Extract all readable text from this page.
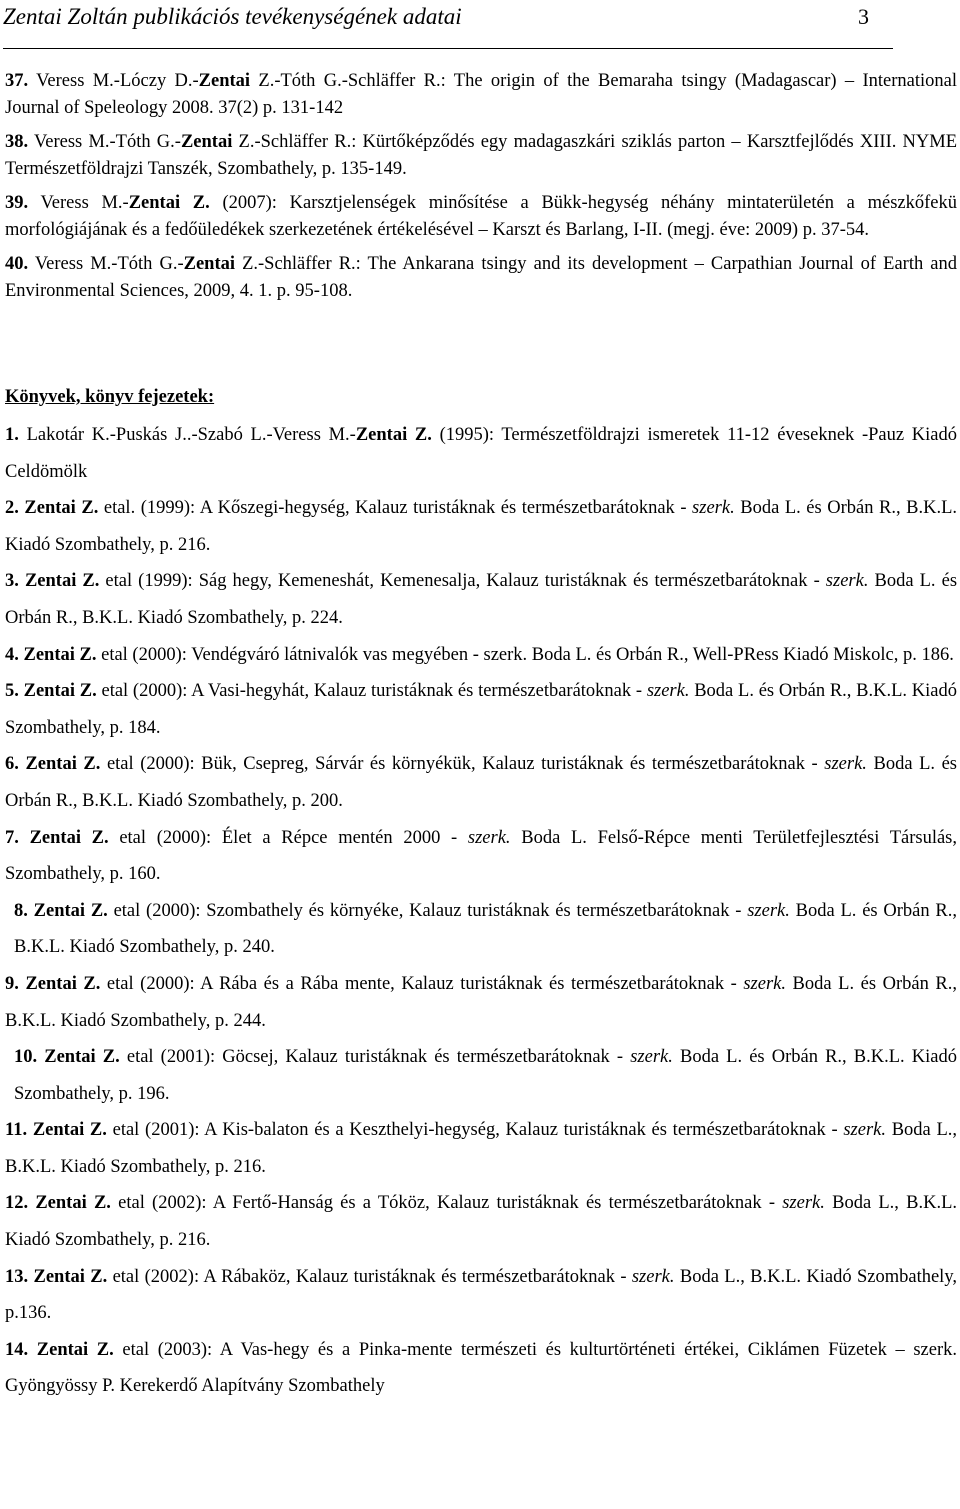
Zentai Zoltán publikációs tevékenységének adatai	3

37. Veress M.-Lóczy D.-Zentai Z.-Tóth G.-Schläffer R.: The origin of the Bemaraha tsingy (Madagascar) – International Journal of Speleology 2008. 37(2) p. 131-142

38. Veress M.-Tóth G.-Zentai Z.-Schläffer R.: Kürtőképződés egy madagaszkári sziklás parton – Karsztfejlődés XIII. NYME Természetföldrajzi Tanszék, Szombathely, p. 135-149.

39. Veress M.-Zentai Z. (2007): Karsztjelenségek minősítése a Bükk-hegység néhány mintaterületén a mészkőfekü morfológiájának és a fedőüledékek szerkezetének értékelésével – Karszt és Barlang, I-II. (megj. éve: 2009) p. 37-54.

40. Veress M.-Tóth G.-Zentai Z.-Schläffer R.: The Ankarana tsingy and its development – Carpathian Journal of Earth and Environmental Sciences, 2009, 4. 1. p. 95-108.

Könyvek, könyv fejezetek:

1. Lakotár K.-Puskás J..-Szabó L.-Veress M.-Zentai Z. (1995): Természetföldrajzi ismeretek 11-12 éveseknek -Pauz Kiadó Celdömölk

2. Zentai Z. etal. (1999): A Kőszegi-hegység, Kalauz turistáknak és természetbarátoknak - szerk. Boda L. és Orbán R., B.K.L. Kiadó Szombathely, p. 216.

3. Zentai Z. etal (1999): Ság hegy, Kemeneshát, Kemenesalja, Kalauz turistáknak és természetbarátoknak - szerk. Boda L. és Orbán R., B.K.L. Kiadó Szombathely, p. 224.

4. Zentai Z. etal (2000): Vendégváró látnivalók vas megyében - szerk. Boda L. és Orbán R., Well-PRess Kiadó Miskolc, p. 186.

5. Zentai Z. etal (2000): A Vasi-hegyhát, Kalauz turistáknak és természetbarátoknak - szerk. Boda L. és Orbán R., B.K.L. Kiadó Szombathely, p. 184.

6. Zentai Z. etal (2000): Bük, Csepreg, Sárvár és környékük, Kalauz turistáknak és természetbarátoknak - szerk. Boda L. és Orbán R., B.K.L. Kiadó Szombathely, p. 200.

7. Zentai Z. etal (2000): Élet a Répce mentén 2000 - szerk. Boda L. Felső-Répce menti Területfejlesztési Társulás, Szombathely, p. 160.

8. Zentai Z. etal (2000): Szombathely és környéke, Kalauz turistáknak és természetbarátoknak - szerk. Boda L. és Orbán R., B.K.L. Kiadó Szombathely, p. 240.

9. Zentai Z. etal (2000): A Rába és a Rába mente, Kalauz turistáknak és természetbarátoknak - szerk. Boda L. és Orbán R., B.K.L. Kiadó Szombathely, p. 244.

10. Zentai Z. etal (2001): Göcsej, Kalauz turistáknak és természetbarátoknak - szerk. Boda L. és Orbán R., B.K.L. Kiadó Szombathely, p. 196.

11. Zentai Z. etal (2001): A Kis-balaton és a Keszthelyi-hegység, Kalauz turistáknak és természetbarátoknak - szerk. Boda L., B.K.L. Kiadó Szombathely, p. 216.

12. Zentai Z. etal (2002): A Fertő-Hanság és a Tóköz, Kalauz turistáknak és természetbarátoknak - szerk. Boda L., B.K.L. Kiadó Szombathely, p. 216.

13. Zentai Z. etal (2002): A Rábaköz, Kalauz turistáknak és természetbarátoknak - szerk. Boda L., B.K.L. Kiadó Szombathely, p.136.

14. Zentai Z. etal (2003): A Vas-hegy és a Pinka-mente természeti és kulturtörténeti értékei, Ciklámen Füzetek – szerk. Gyöngyössy P. Kerekerdő Alapítvány Szombathely
